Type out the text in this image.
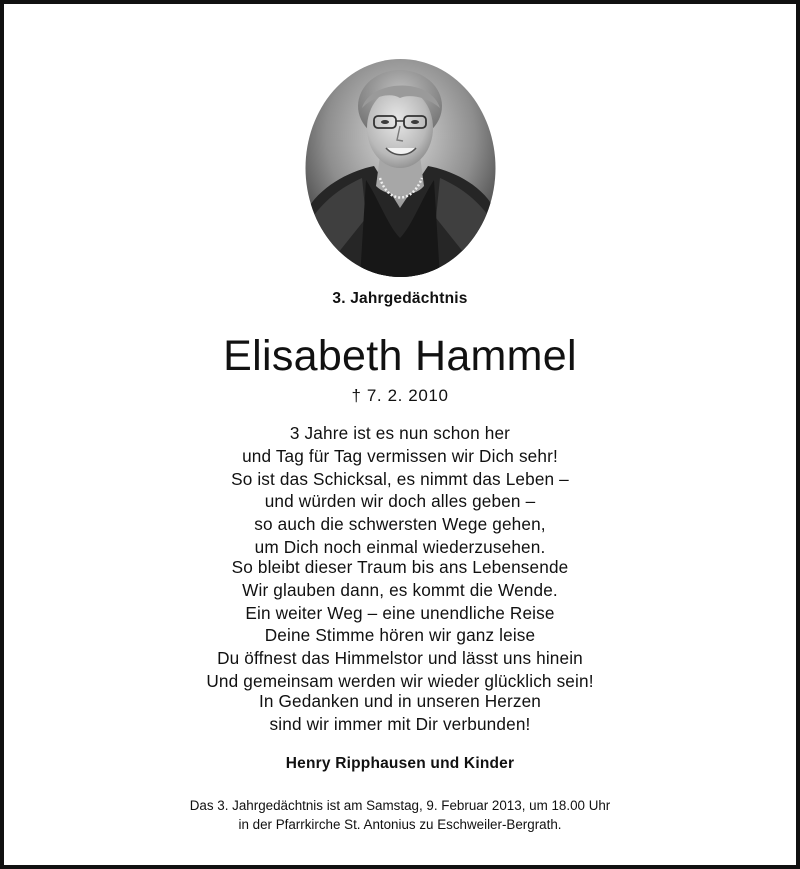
3. Jahrgedächtnis
Elisabeth Hammel
† 7. 2. 2010
3 Jahre ist es nun schon her
und Tag für Tag vermissen wir Dich sehr!
So ist das Schicksal, es nimmt das Leben –
und würden wir doch alles geben –
so auch die schwersten Wege gehen,
um Dich noch einmal wiederzusehen.
So bleibt dieser Traum bis ans Lebensende
Wir glauben dann, es kommt die Wende.
Ein weiter Weg – eine unendliche Reise
Deine Stimme hören wir ganz leise
Du öffnest das Himmelstor und lässt uns hinein
Und gemeinsam werden wir wieder glücklich sein!
In Gedanken und in unseren Herzen
sind wir immer mit Dir verbunden!
Henry Ripphausen und Kinder
Das 3. Jahrgedächtnis ist am Samstag, 9. Februar 2013, um 18.00 Uhr
in der Pfarrkirche St. Antonius zu Eschweiler-Bergrath.
